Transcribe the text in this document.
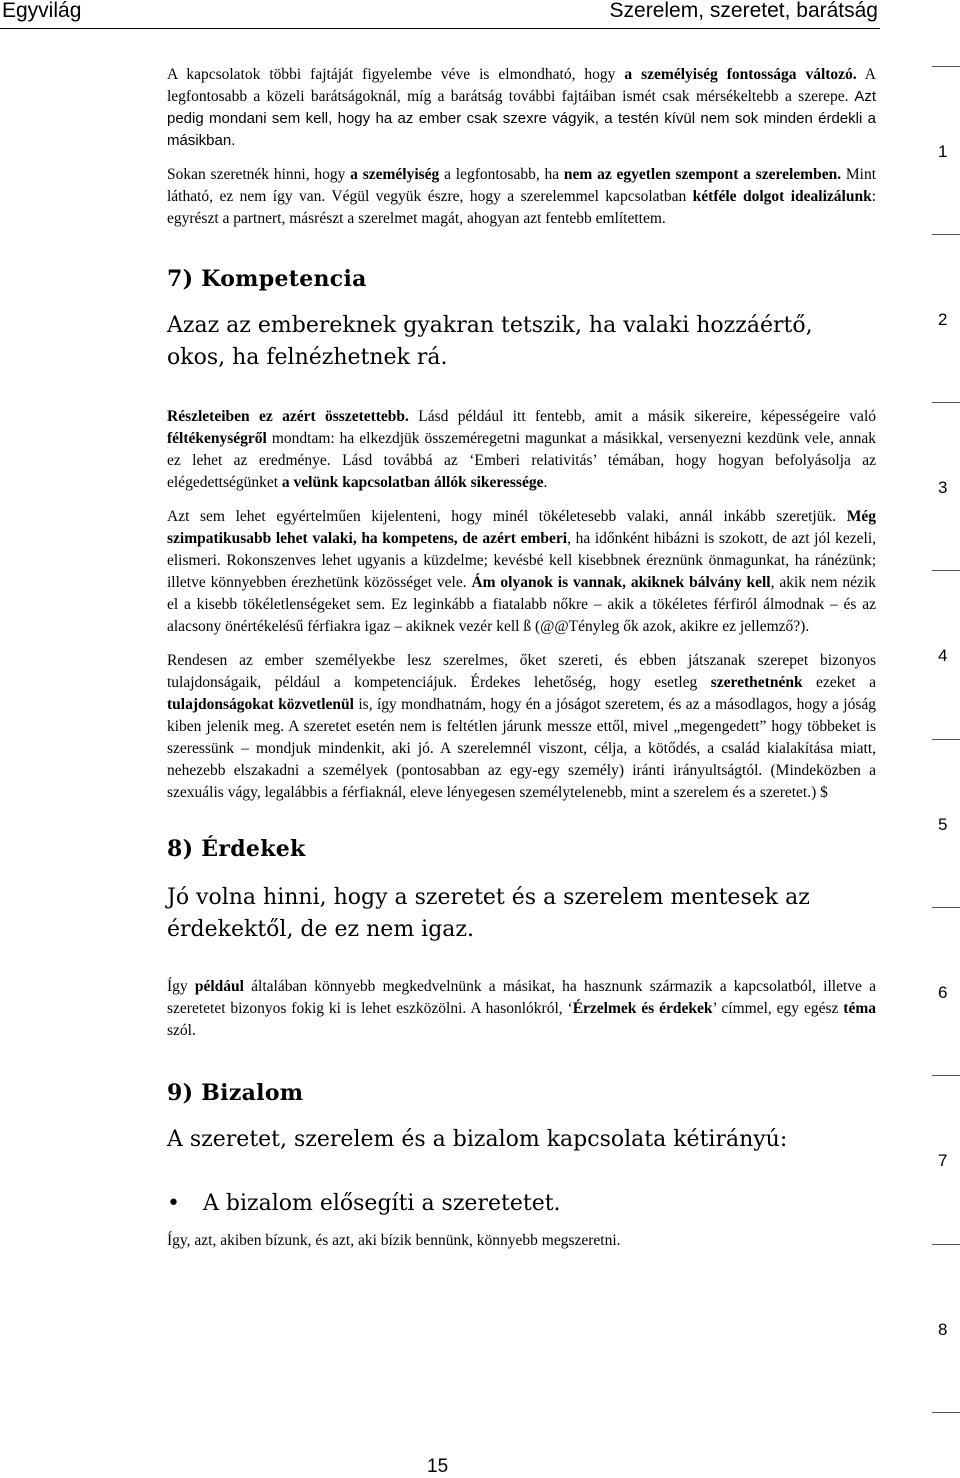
Egyvilág	Szerelem, szeretet, barátság

A kapcsolatok többi fajtáját figyelembe véve is elmondható, hogy a személyiség fontossága változó. A legfontosabb a közeli barátságoknál, míg a barátság további fajtáiban ismét csak mérsékeltebb a szerepe. Azt pedig mondani sem kell, hogy ha az ember csak szexre vágyik, a testén kívül nem sok minden érdekli a másikban.

Sokan szeretnék hinni, hogy a személyiség a legfontosabb, ha nem az egyetlen szempont a szerelemben. Mint látható, ez nem így van. Végül vegyük észre, hogy a szerelemmel kapcsolatban kétféle dolgot idealizálunk: egyrészt a partnert, másrészt a szerelmet magát, ahogyan azt fentebb említettem.

7) Kompetencia

Azaz az embereknek gyakran tetszik, ha valaki hozzáértő, okos, ha felnézhetnek rá.

Részleteiben ez azért összetettebb. Lásd például itt fentebb, amit a másik sikereire, képességeire való féltékenységről mondtam: ha elkezdjük összeméregetni magunkat a másikkal, versenyezni kezdünk vele, annak ez lehet az eredménye. Lásd továbbá az ‘Emberi relativitás’ témában, hogy hogyan befolyásolja az elégedettségünket a velünk kapcsolatban állók sikeressége.

Azt sem lehet egyértelműen kijelenteni, hogy minél tökéletesebb valaki, annál inkább szeretjük. Még szimpatikusabb lehet valaki, ha kompetens, de azért emberi, ha időnként hibázni is szokott, de azt jól kezeli, elismeri. Rokonszenves lehet ugyanis a küzdelme; kevésbé kell kisebbnek éreznünk önmagunkat, ha ránézünk; illetve könnyebben érezhetünk közösséget vele. Ám olyanok is vannak, akiknek bálvány kell, akik nem nézik el a kisebb tökéletlenségeket sem. Ez leginkább a fiatalabb nőkre – akik a tökéletes férfiról álmodnak – és az alacsony önértékelésű férfiakra igaz – akiknek vezér kell ß (@@Tényleg ők azok, akikre ez jellemző?).

Rendesen az ember személyekbe lesz szerelmes, őket szereti, és ebben játszanak szerepet bizonyos tulajdonságaik, például a kompetenciájuk. Érdekes lehetőség, hogy esetleg szerethetnénk ezeket a tulajdonságokat közvetlenül is, így mondhatnám, hogy én a jóságot szeretem, és az a másodlagos, hogy a jóság kiben jelenik meg. A szeretet esetén nem is feltétlen járunk messze ettől, mivel „megengedett” hogy többeket is szeressünk – mondjuk mindenkit, aki jó. A szerelemnél viszont, célja, a kötődés, a család kialakítása miatt, nehezebb elszakadni a személyek (pontosabban az egy-egy személy) iránti irányultságtól. (Mindeközben a szexuális vágy, legalábbis a férfiaknál, eleve lényegesen személytelenebb, mint a szerelem és a szeretet.) $

8) Érdekek

Jó volna hinni, hogy a szeretet és a szerelem mentesek az érdekektől, de ez nem igaz.

Így például általában könnyebb megkedvelnünk a másikat, ha hasznunk származik a kapcsolatból, illetve a szeretetet bizonyos fokig ki is lehet eszközölni. A hasonlókról, ‘Érzelmek és érdekek’ címmel, egy egész téma szól.

9) Bizalom

A szeretet, szerelem és a bizalom kapcsolata kétirányú:

•	A bizalom elősegíti a szeretetet.

Így, azt, akiben bízunk, és azt, aki bízik bennünk, könnyebb megszeretni.

1
2
3
4
5
6
7
8
15
